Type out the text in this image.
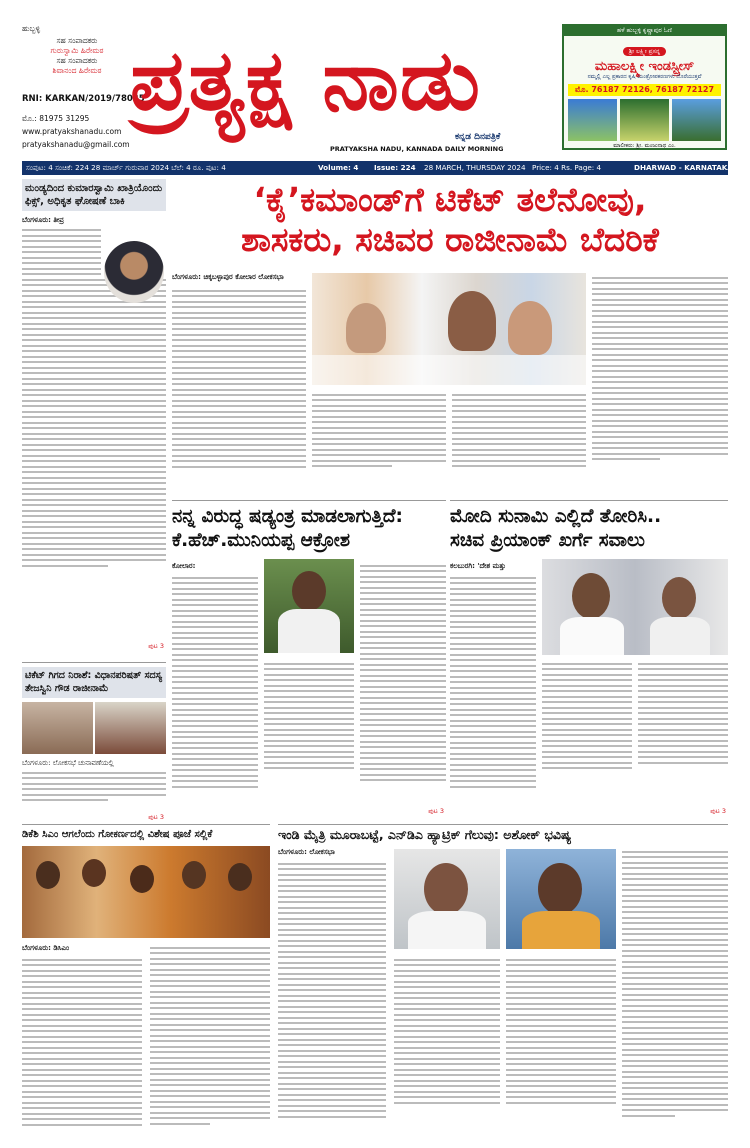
ಹುಬ್ಬಳ್ಳಿ
ಸಹ ಸಂಪಾದಕರು
ಗುರುಸ್ವಾಮಿ ಹಿರೇಮಠ
ಸಹ ಸಂಪಾದಕರು
ಶಿವಾನಂದ ಹಿರೇಮಠ
RNI: KARKAN/2019/78035
ಮೊ.: 81975 31295
www.pratyakshanadu.com
pratyakshanadu@gmail.com
ಪ್ರತ್ಯಕ್ಷ ನಾಡು
ಕನ್ನಡ ದಿನಪತ್ರಿಕೆ
PRATYAKSHA NADU, KANNADA DAILY MORNING
ಹಳೆ ಹುಬ್ಬಳ್ಳಿ ಕೃಷ್ಣಾಪುರ ಓಣಿ
ಶ್ರೀ ಲಕ್ಷ್ಮೀ ಪ್ರಸನ್ನ
ಮಹಾಲಕ್ಷ್ಮೀ ಇಂಡಸ್ಟ್ರೀಸ್
ನಮ್ಮಲ್ಲಿ ಎಲ್ಲ ಪ್ರಕಾರದ ಕೃಷಿ ಯಂತ್ರೋಪಕರಣಗಳು ದೊರೆಯುತ್ತವೆ
ಮೊ. 76187 72126, 76187 72127
ಮಾಲೀಕರು: ಶ್ರೀ. ಮಂಜುನಾಥ ಎಂ.
ಸಂಪುಟ: 4 ಸಂಚಿಕೆ: 224 28 ಮಾರ್ಚ್ ಗುರುವಾರ 2024 ಬೆಲೆ: 4 ರೂ. ಪುಟ: 4	Volume: 4 Issue: 224 28 MARCH, THURSDAY 2024 Price: 4 Rs. Page: 4	DHARWAD - KARNATAKA
ಮಂಡ್ಯದಿಂದ ಕುಮಾರಸ್ವಾಮಿ ಖಾತ್ರಿಯೊಂದು ಫಿಕ್ಸ್, ಅಧಿಕೃತ ಘೋಷಣೆ ಬಾಕಿ
ಬೆಂಗಳೂರು: ತೀವ್ರ
ಪುಟ 3
ಟಿಕೆಟ್ ಗಿಗದ ನಿರಾಶೆ: ವಿಧಾನಪರಿಷತ್ ಸದಸ್ಯ ತೇಜಸ್ವಿನಿ ಗೌಡ ರಾಜೀನಾಮೆ
ಬೆಂಗಳೂರು: ಲೋಕಸಭೆ ಚುನಾವಣೆಯಲ್ಲಿ
ಪುಟ 3
‘ಕೈ’ಕಮಾಂಡ್‌ಗೆ ಟಿಕೆಟ್ ತಲೆನೋವು,
ಶಾಸಕರು, ಸಚಿವರ ರಾಜೀನಾಮೆ ಬೆದರಿಕೆ
ಬೆಂಗಳೂರು: ಚಿಕ್ಕಬಳ್ಳಾಪುರ ಕೋಲಾರ ಲೋಕಸಭಾ
ನನ್ನ ವಿರುದ್ಧ ಷಡ್ಯಂತ್ರ ಮಾಡಲಾಗುತ್ತಿದೆ:
ಕೆ.ಹೆಚ್.ಮುನಿಯಪ್ಪ ಆಕ್ರೋಶ
ಕೋಲಾರ:
ಪುಟ 3
ಮೋದಿ ಸುನಾಮಿ ಎಲ್ಲಿದೆ ತೋರಿಸಿ..
ಸಚಿವ ಪ್ರಿಯಾಂಕ್ ಖರ್ಗೆ ಸವಾಲು
ಕಲಬುರಗಿ: 'ದೇಶ ಮತ್ತು
ಪುಟ 3
ಡಿಕೆಶಿ ಸಿಎಂ ಆಗಲೆಂದು ಗೋಕರ್ಣದಲ್ಲಿ ವಿಶೇಷ ಪೂಜೆ ಸಲ್ಲಿಕೆ
ಬೆಂಗಳೂರು: ಡಿಸಿಎಂ
ಇಂಡಿ ಮೈತ್ರಿ ಮೂರಾಬಟ್ಟೆ, ಎನ್‌ಡಿಎ ಹ್ಯಾಟ್ರಿಕ್ ಗೆಲುವು: ಅಶೋಕ್ ಭವಿಷ್ಯ
ಬೆಂಗಳೂರು: ಲೋಕಸಭಾ
